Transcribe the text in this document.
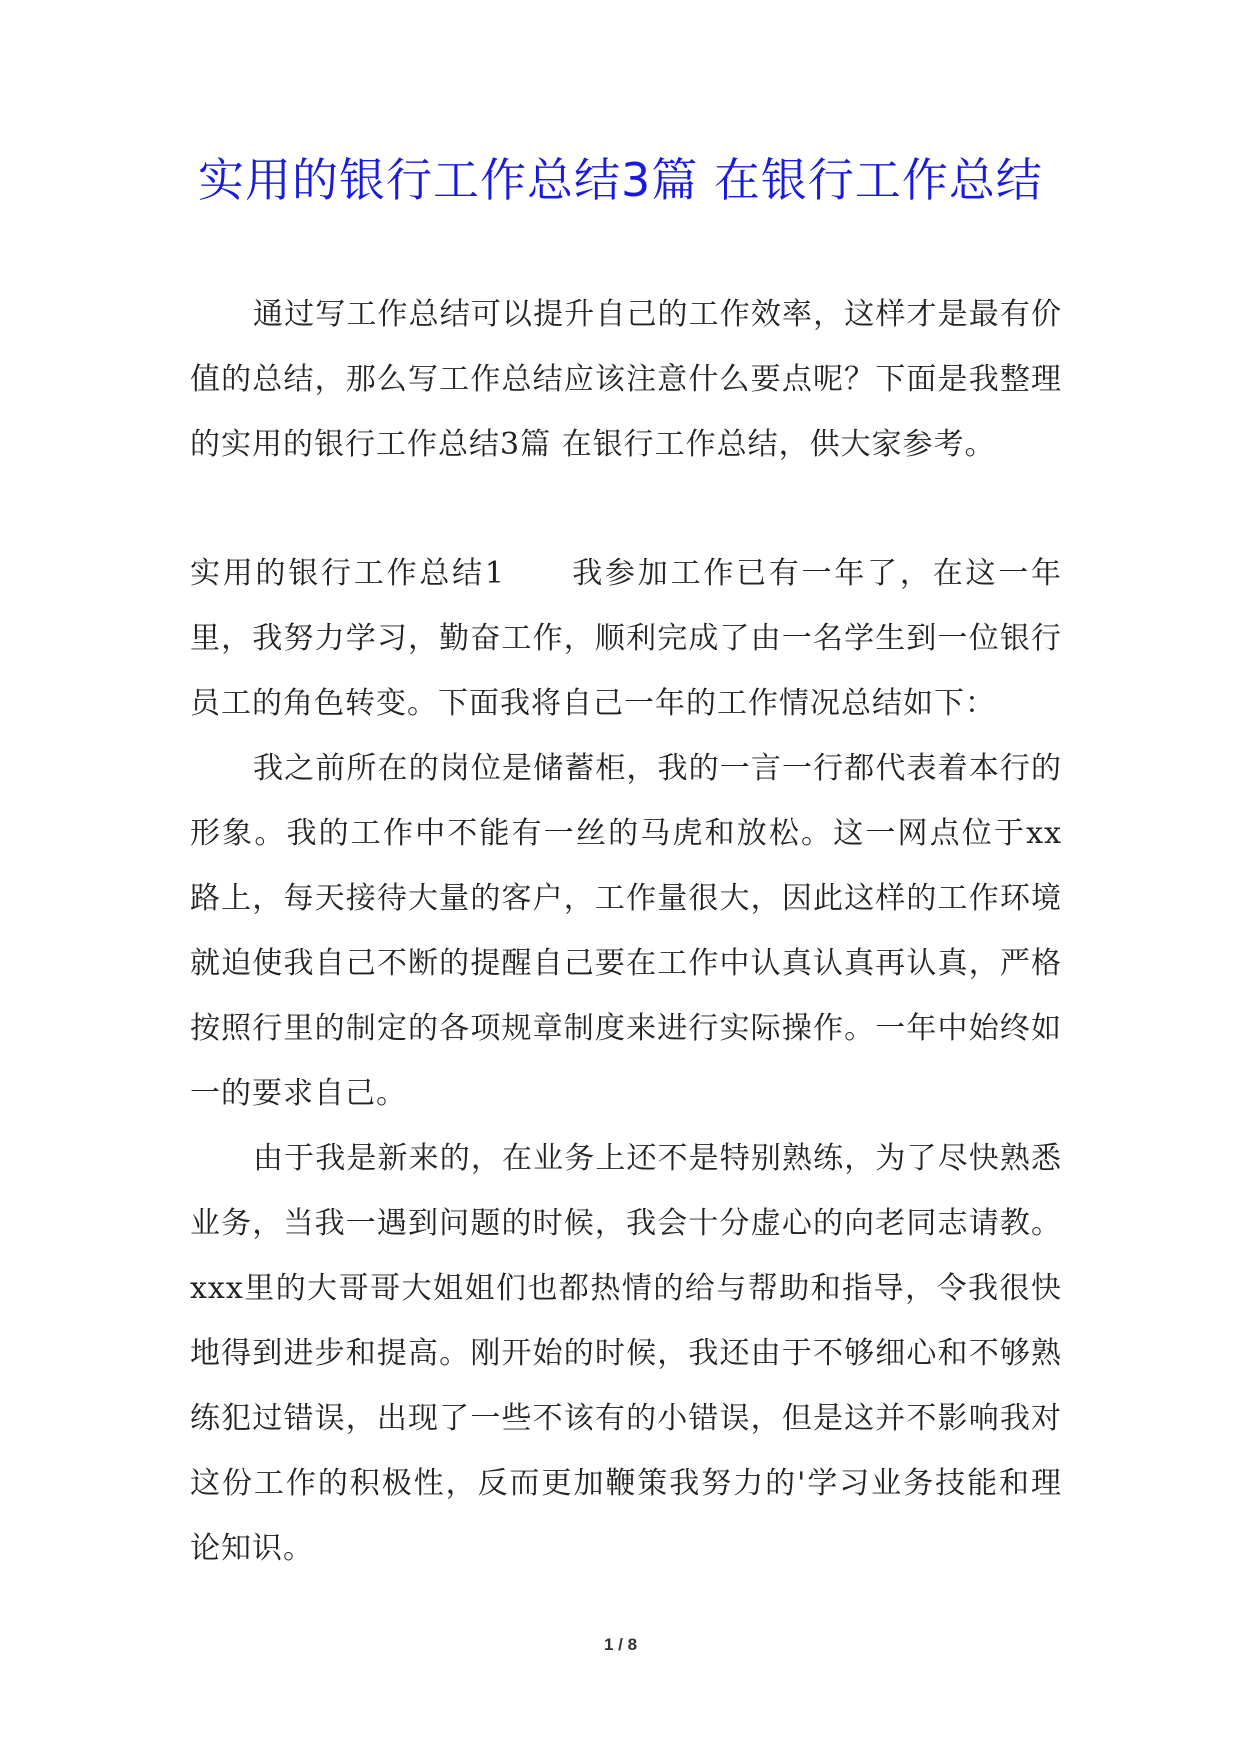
实用的银行工作总结3篇 在银行工作总结

通过写工作总结可以提升自己的工作效率，这样才是最有价值的总结，那么写工作总结应该注意什么要点呢？下面是我整理的实用的银行工作总结3篇 在银行工作总结，供大家参考。

实用的银行工作总结1　　我参加工作已有一年了，在这一年里，我努力学习，勤奋工作，顺利完成了由一名学生到一位银行员工的角色转变。下面我将自己一年的工作情况总结如下：

我之前所在的岗位是储蓄柜，我的一言一行都代表着本行的形象。我的工作中不能有一丝的马虎和放松。这一网点位于xx路上，每天接待大量的客户，工作量很大，因此这样的工作环境就迫使我自己不断的提醒自己要在工作中认真认真再认真，严格按照行里的制定的各项规章制度来进行实际操作。一年中始终如一的要求自己。

由于我是新来的，在业务上还不是特别熟练，为了尽快熟悉业务，当我一遇到问题的时候，我会十分虚心的向老同志请教。xxx里的大哥哥大姐姐们也都热情的给与帮助和指导，令我很快地得到进步和提高。刚开始的时候，我还由于不够细心和不够熟练犯过错误，出现了一些不该有的小错误，但是这并不影响我对这份工作的积极性，反而更加鞭策我努力的'学习业务技能和理论知识。

1 / 8
